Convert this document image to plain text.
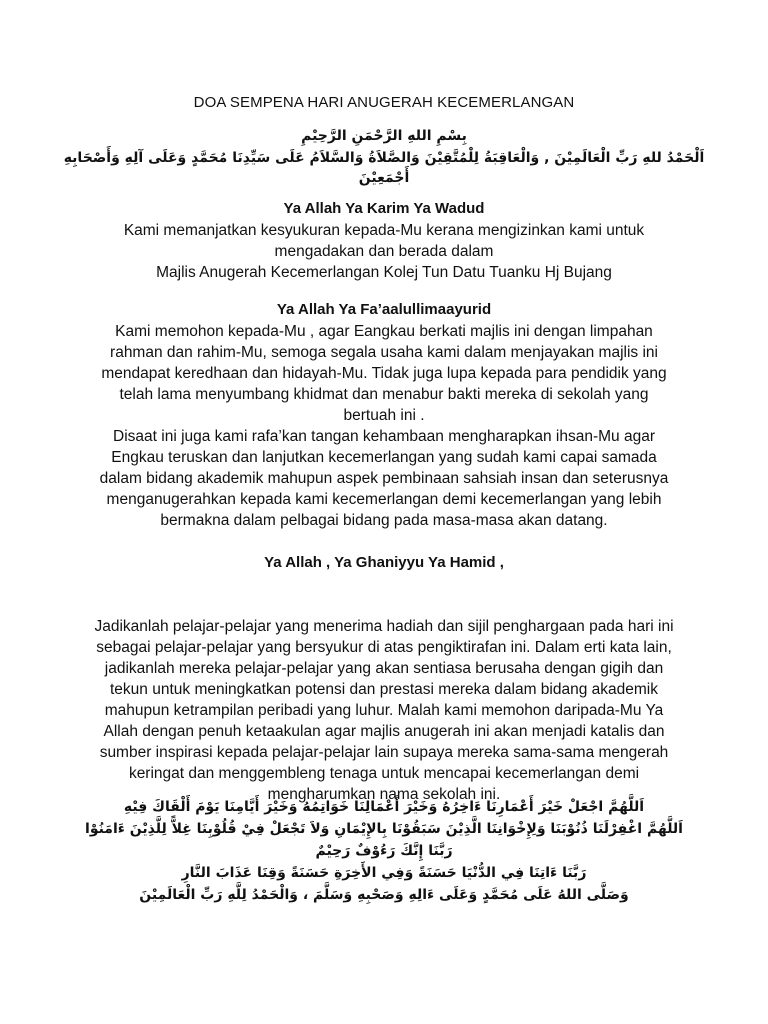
DOA SEMPENA HARI ANUGERAH KECEMERLANGAN
بِسْمِ اللهِ الرَّحْمَنِ الرَّحِيْمِ
اَلْحَمْدُ للهِ رَبِّ الْعَالَمِيْنَ , وَالْعَاقِبَةُ لِلْمُتَّقِيْنَ وَالصَّلاَةُ وَالسَّلاَمُ عَلَى سَيِّدِنَا مُحَمَّدٍ وَعَلَى آلِهِ وَأَصْحَابِهِ أَجْمَعِيْنَ
Ya Allah Ya Karim Ya Wadud
Kami memanjatkan kesyukuran kepada-Mu kerana mengizinkan kami untuk
mengadakan dan berada dalam
Majlis Anugerah Kecemerlangan Kolej Tun Datu Tuanku Hj Bujang
Ya Allah Ya Fa’aalullimaayurid
Kami memohon kepada-Mu , agar Eangkau berkati majlis ini dengan limpahan
rahman dan rahim-Mu, semoga segala usaha kami dalam menjayakan majlis ini
mendapat keredhaan dan hidayah-Mu. Tidak juga lupa kepada para pendidik yang
telah lama menyumbang khidmat dan menabur bakti mereka di sekolah yang
bertuah ini .
Disaat ini juga kami rafa’kan tangan kehambaan mengharapkan ihsan-Mu agar
Engkau teruskan dan lanjutkan kecemerlangan yang sudah kami capai samada
dalam bidang akademik mahupun aspek pembinaan sahsiah insan dan seterusnya
menganugerahkan kepada kami kecemerlangan demi kecemerlangan yang lebih
bermakna dalam pelbagai bidang pada masa-masa akan datang.
Ya Allah , Ya Ghaniyyu Ya Hamid ,
Jadikanlah pelajar-pelajar yang menerima hadiah dan sijil penghargaan pada hari ini
sebagai pelajar-pelajar yang bersyukur di atas pengiktirafan ini. Dalam erti kata lain,
jadikanlah mereka pelajar-pelajar yang akan sentiasa berusaha dengan gigih dan
tekun untuk meningkatkan potensi dan prestasi mereka dalam bidang akademik
mahupun ketrampilan peribadi yang luhur. Malah kami memohon daripada-Mu Ya
Allah dengan penuh ketaakulan agar majlis anugerah ini akan menjadi katalis dan
sumber inspirasi kepada pelajar-pelajar lain supaya mereka sama-sama mengerah
keringat dan menggembleng tenaga untuk mencapai kecemerlangan demi
mengharumkan nama sekolah ini.
اَللَّهُمَّ اجْعَلْ خَيْرَ أَعْمَارِنَا ءَاخِرُهُ وَخَيْرَ أَعْمَالِنَا خَوَاتِمُهُ وَخَيْرَ أَيَّامِنَا يَوْمَ أَلْقَاكَ فِيْهِ
اَللَّهُمَّ اغْفِرْلَنَا ذُنُوْبَنَا وَلِإِخْوَانِنَا الَّذِيْنَ سَبَقُوْنَا بِالإِيْمَانِ وَلاَ تَجْعَلْ فِيْ قُلُوْبِنَا غِلاًّ لِلَّذِيْنَ ءَامَنُوْا
رَبَّنَا إِنَّكَ رَءُوْفٌ رَحِيْمٌ
رَبَّنَا ءَاتِنَا فِي الدُّنْيَا حَسَنَةً وَفِي الأَخِرَةِ حَسَنَةً وَقِنَا عَذَابَ النَّارِ
وَصَلَّى اللهُ عَلَى مُحَمَّدٍ وَعَلَى ءَالِهِ وَصَحْبِهِ وَسَلَّمَ ، وَالْحَمْدُ لِلَّهِ رَبِّ الْعَالَمِيْنَ
